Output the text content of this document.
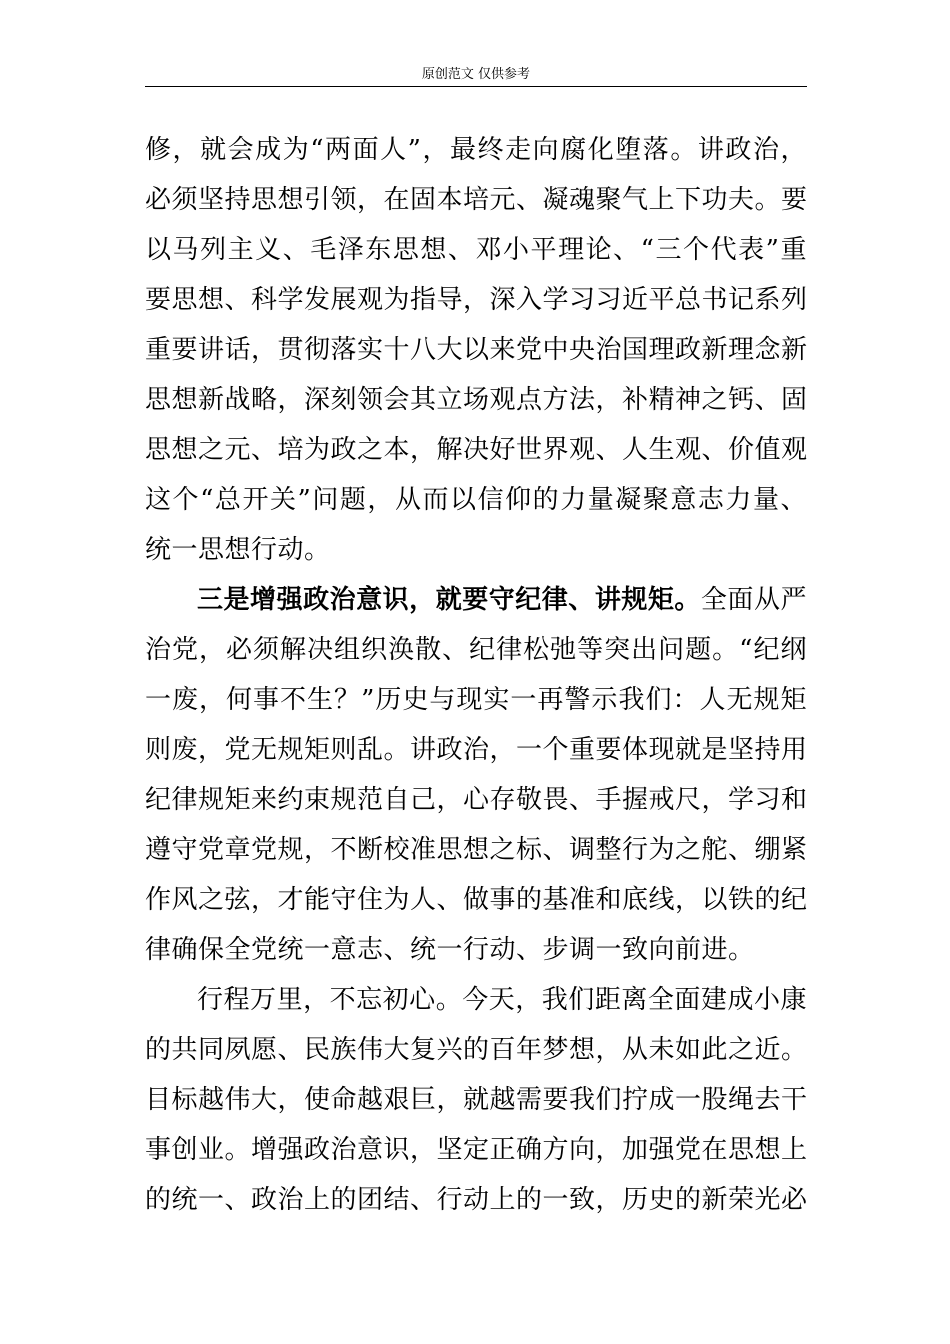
原创范文 仅供参考
修，就会成为“两面人”，最终走向腐化堕落。讲政治，
必须坚持思想引领，在固本培元、凝魂聚气上下功夫。要
以马列主义、毛泽东思想、邓小平理论、“三个代表”重
要思想、科学发展观为指导，深入学习习近平总书记系列
重要讲话，贯彻落实十八大以来党中央治国理政新理念新
思想新战略，深刻领会其立场观点方法，补精神之钙、固
思想之元、培为政之本，解决好世界观、人生观、价值观
这个“总开关”问题，从而以信仰的力量凝聚意志力量、
统一思想行动。
三是增强政治意识，就要守纪律、讲规矩。全面从严
治党，必须解决组织涣散、纪律松弛等突出问题。“纪纲
一废，何事不生？”历史与现实一再警示我们：人无规矩
则废，党无规矩则乱。讲政治，一个重要体现就是坚持用
纪律规矩来约束规范自己，心存敬畏、手握戒尺，学习和
遵守党章党规，不断校准思想之标、调整行为之舵、绷紧
作风之弦，才能守住为人、做事的基准和底线，以铁的纪
律确保全党统一意志、统一行动、步调一致向前进。
行程万里，不忘初心。今天，我们距离全面建成小康
的共同夙愿、民族伟大复兴的百年梦想，从未如此之近。
目标越伟大，使命越艰巨，就越需要我们拧成一股绳去干
事创业。增强政治意识，坚定正确方向，加强党在思想上
的统一、政治上的团结、行动上的一致，历史的新荣光必
